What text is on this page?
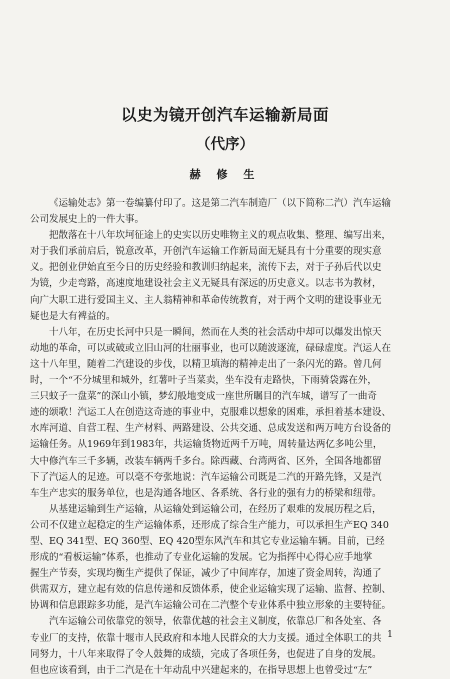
以史为镜开创汽车运输新局面
（代序）
赫 修 生

《运输处志》第一卷编纂付印了。这是第二汽车制造厂（以下简称二汽）汽车运输

公司发展史上的一件大事。

把散落在十八年坎坷征途上的史实以历史唯物主义的观点收集、整理、编写出来，

对于我们承前启后，锐意改革，开创汽车运输工作新局面无疑具有十分重要的现实意

义。把创业伊始直至今日的历史经验和教训归纳起来，流传下去，对于子孙后代以史

为镜，少走弯路，高速度地建设社会主义无疑具有深远的历史意义。以志书为教材，

向广大职工进行爱国主义、主人翁精神和革命传统教育，对于两个文明的建设事业无

疑也是大有裨益的。

十八年，在历史长河中只是一瞬间，然而在人类的社会活动中却可以爆发出惊天

动地的革命，可以或破或立旧山河的壮丽事业，也可以随波逐流，碌碌虚度。汽运人在

这十八年里，随着二汽建设的步伐，以精卫填海的精神走出了一条闪光的路。曾几何

时，一个“不分城里和城外，红薯叶子当菜卖，坐车没有走路快，下雨骑袋露在外，

三只蚊子一盘菜”的深山小镇，梦幻般地变成一座世所瞩目的汽车城，谱写了一曲奇

迹的颂歌！汽运工人在创造这奇迹的事业中，克服难以想象的困难，承担着基本建设、

水库河道、自营工程、生产材料、两路建设、公共交通、总成发送和两万吨方台设备的

运输任务。从1969年到1983年，共运输货物近两千万吨，周转量达两亿多吨公里，

大中修汽车三千多辆，改装车辆两千多台。除西藏、台湾两省、区外，全国各地都留

下了汽运人的足迹。可以毫不夸张地说：汽车运输公司既是二汽的开路先锋，又是汽

车生产忠实的服务单位，也是沟通各地区、各系统、各行业的强有力的桥梁和纽带。

从基建运输到生产运输，从运输处到运输公司，在经历了艰难的发展历程之后，

公司不仅建立起稳定的生产运输体系，还形成了综合生产能力，可以承担生产EQ 340

型、EQ 341型、EQ 360型、EQ 420型东风汽车和其它专业运输车辆。目前，已经

形成的“看板运输”体系，也推动了专业化运输的发展。它为指挥中心得心应手地掌

握生产节奏，实现均衡生产提供了保证，减少了中间库存，加速了资金周转，沟通了

供需双方，建立起有效的信息传递和反馈体系，使企业运输实现了运输、监督、控制、

协调和信息跟踪多功能，是汽车运输公司在二汽整个专业体系中独立形象的主要特征。

汽车运输公司依靠党的领导，依靠优越的社会主义制度，依靠总厂和各处室、各

专业厂的支持，依靠十堰市人民政府和本地人民群众的大力支援。通过全体职工的共

同努力，十八年来取得了令人鼓舞的成绩，完成了各项任务，也促进了自身的发展。

但也应该看到，由于二汽是在十年动乱中兴建起来的，在指导思想上也曾受过“左”

1
